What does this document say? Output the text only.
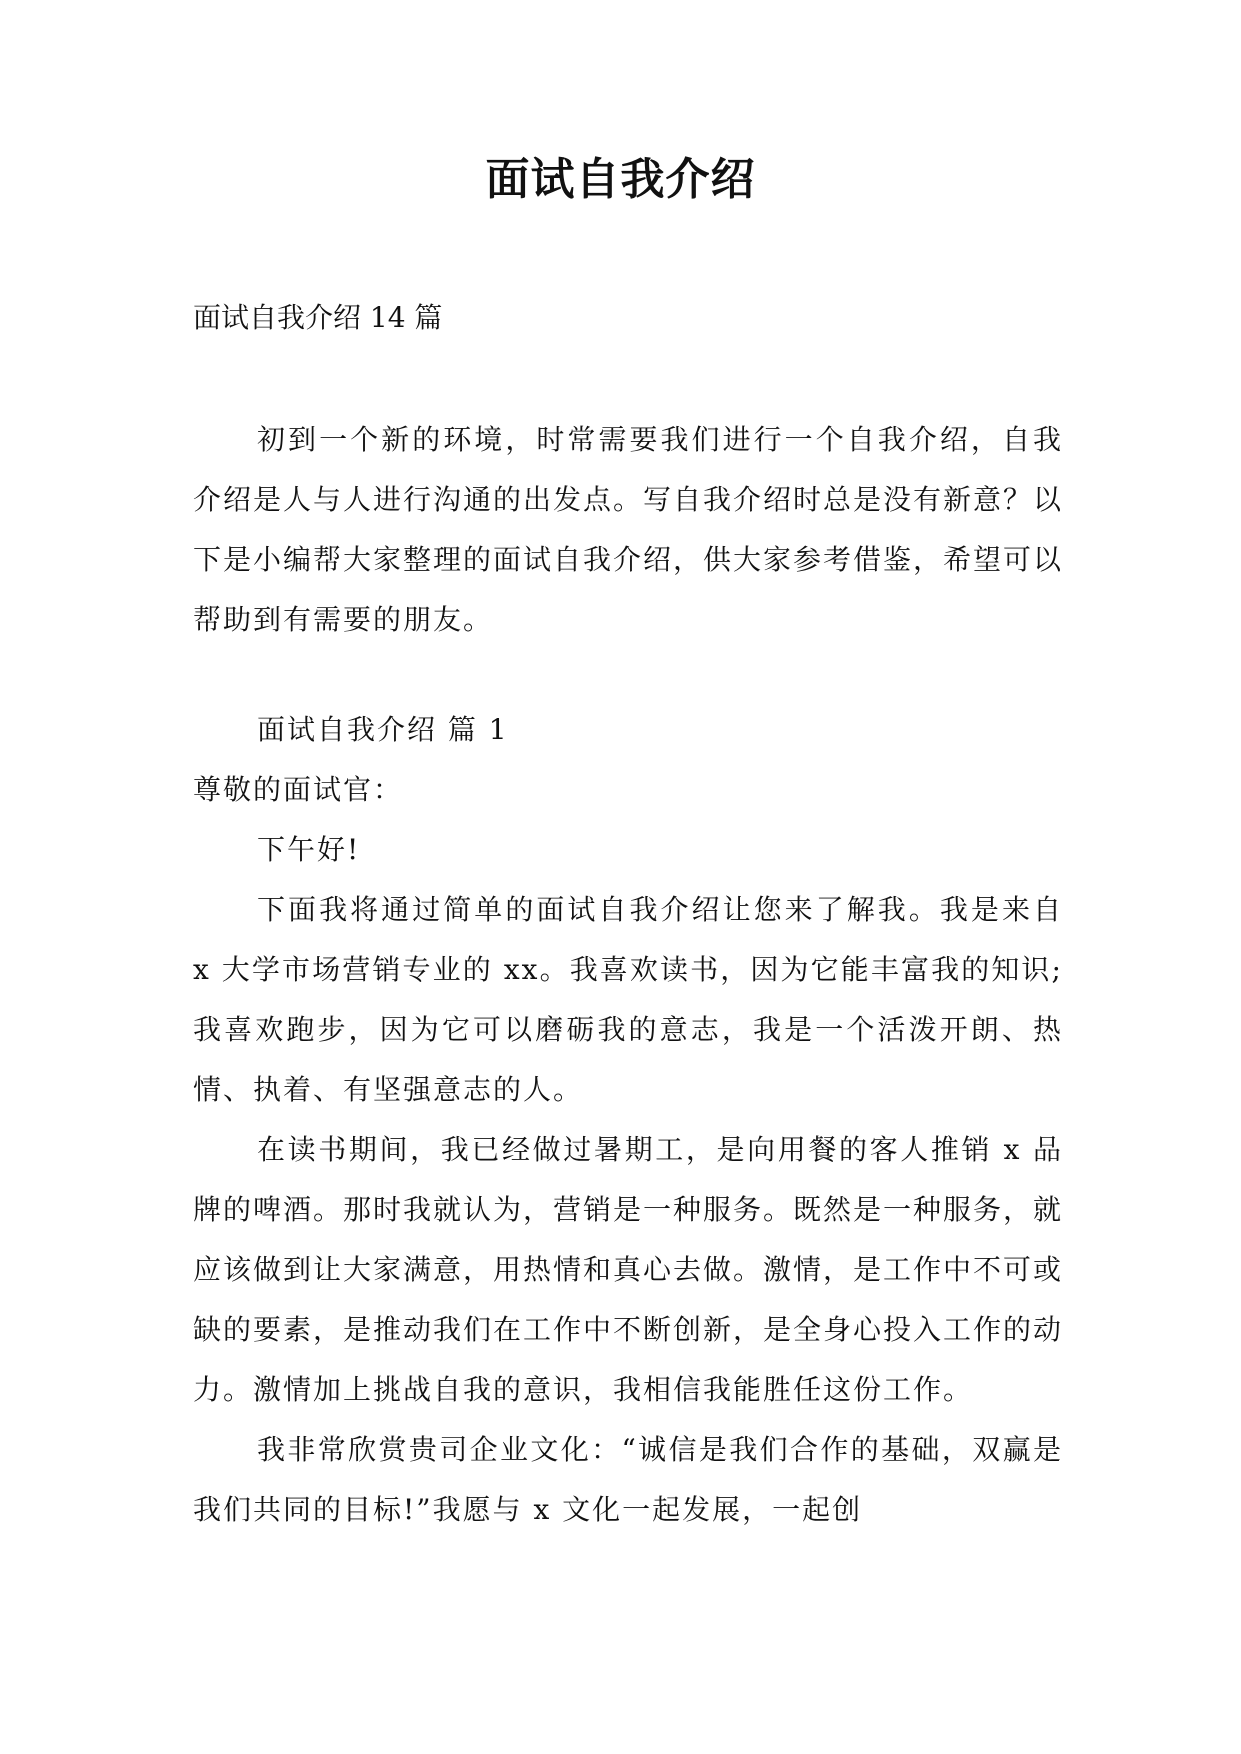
面试自我介绍
面试自我介绍 14 篇
初到一个新的环境，时常需要我们进行一个自我介绍，自我介绍是人与人进行沟通的出发点。写自我介绍时总是没有新意？以下是小编帮大家整理的面试自我介绍，供大家参考借鉴，希望可以帮助到有需要的朋友。

面试自我介绍 篇 1

尊敬的面试官：

下午好!

下面我将通过简单的面试自我介绍让您来了解我。我是来自 x 大学市场营销专业的 xx。我喜欢读书，因为它能丰富我的知识;我喜欢跑步，因为它可以磨砺我的意志，我是一个活泼开朗、热情、执着、有坚强意志的人。

在读书期间，我已经做过暑期工，是向用餐的客人推销 x 品牌的啤酒。那时我就认为，营销是一种服务。既然是一种服务，就应该做到让大家满意，用热情和真心去做。激情，是工作中不可或缺的要素，是推动我们在工作中不断创新，是全身心投入工作的动力。激情加上挑战自我的意识，我相信我能胜任这份工作。

我非常欣赏贵司企业文化：“诚信是我们合作的基础，双赢是我们共同的目标!”我愿与 x 文化一起发展，一起创
